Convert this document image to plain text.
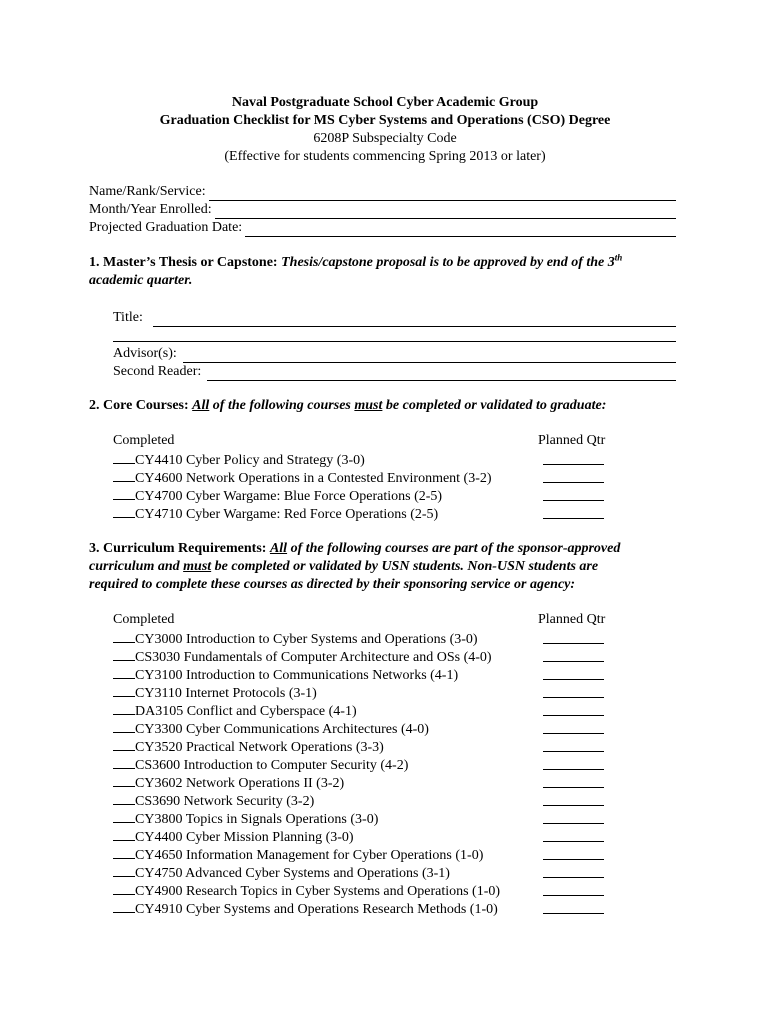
Naval Postgraduate School Cyber Academic Group
Graduation Checklist for MS Cyber Systems and Operations (CSO) Degree
6208P Subspecialty Code
(Effective for students commencing Spring 2013 or later)
Name/Rank/Service:
Month/Year Enrolled:
Projected Graduation Date:
1. Master’s Thesis or Capstone: Thesis/capstone proposal is to be approved by end of the 3th
academic quarter.
Title:
Advisor(s):
Second Reader:
2. Core Courses: All of the following courses must be completed or validated to graduate:
Completed	Planned Qtr
CY4410 Cyber Policy and Strategy (3-0)
CY4600 Network Operations in a Contested Environment (3-2)
CY4700 Cyber Wargame: Blue Force Operations (2-5)
CY4710 Cyber Wargame: Red Force Operations (2-5)
3. Curriculum Requirements: All of the following courses are part of the sponsor-approved
curriculum and must be completed or validated by USN students. Non-USN students are
required to complete these courses as directed by their sponsoring service or agency:
Completed	Planned Qtr
CY3000 Introduction to Cyber Systems and Operations (3-0)
CS3030 Fundamentals of Computer Architecture and OSs (4-0)
CY3100 Introduction to Communications Networks (4-1)
CY3110 Internet Protocols (3-1)
DA3105 Conflict and Cyberspace (4-1)
CY3300 Cyber Communications Architectures (4-0)
CY3520 Practical Network Operations (3-3)
CS3600 Introduction to Computer Security (4-2)
CY3602 Network Operations II (3-2)
CS3690 Network Security (3-2)
CY3800 Topics in Signals Operations (3-0)
CY4400 Cyber Mission Planning (3-0)
CY4650 Information Management for Cyber Operations (1-0)
CY4750 Advanced Cyber Systems and Operations (3-1)
CY4900 Research Topics in Cyber Systems and Operations (1-0)
CY4910 Cyber Systems and Operations Research Methods (1-0)
